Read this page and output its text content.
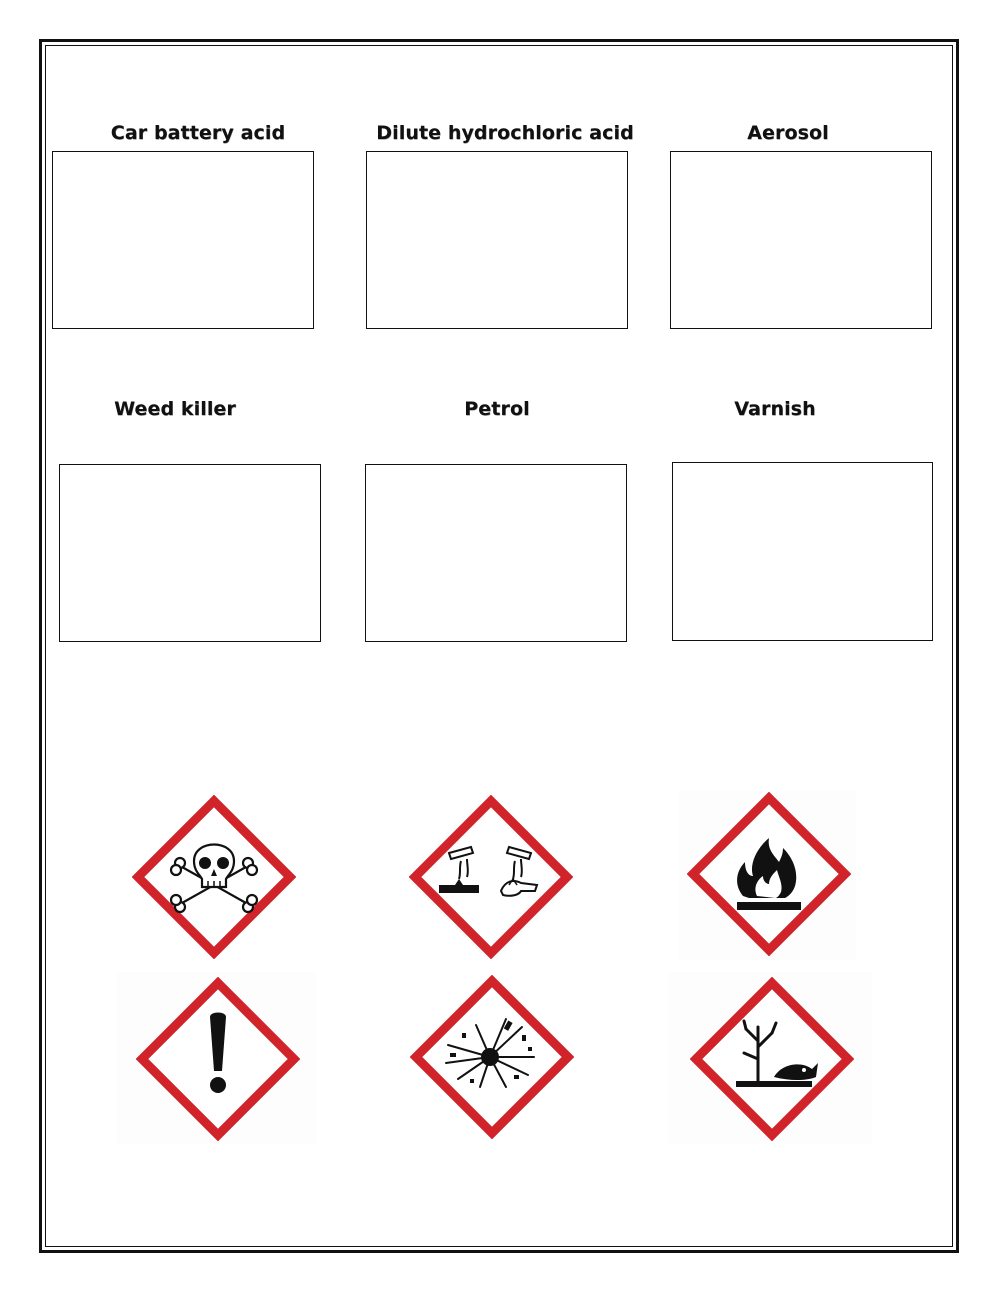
Car battery acid	Dilute hydrochloric acid	Aerosol
Weed killer	Petrol	Varnish
